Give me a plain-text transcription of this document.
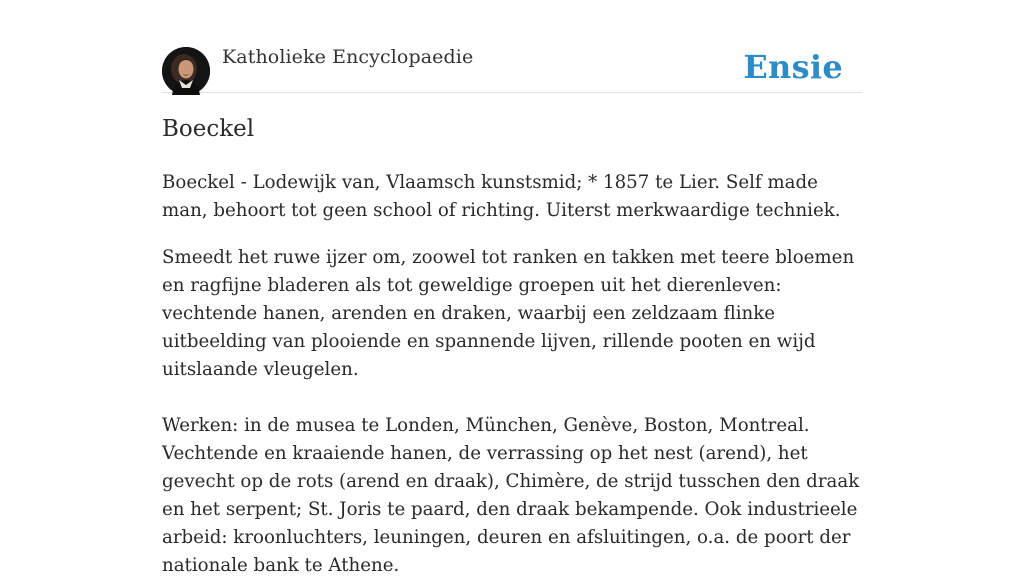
Katholieke Encyclopaedie	Ensie
Boeckel

Boeckel - Lodewijk van, Vlaamsch kunstsmid; * 1857 te Lier. Self made man, behoort tot geen school of richting. Uiterst merkwaardige techniek.

Smeedt het ruwe ijzer om, zoowel tot ranken en takken met teere bloemen en ragfijne bladeren als tot geweldige groepen uit het dierenleven: vechtende hanen, arenden en draken, waarbij een zeldzaam flinke uitbeelding van plooiende en spannende lijven, rillende pooten en wijd uitslaande vleugelen.

Werken: in de musea te Londen, München, Genève, Boston, Montreal. Vechtende en kraaiende hanen, de verrassing op het nest (arend), het gevecht op de rots (arend en draak), Chimère, de strijd tusschen den draak en het serpent; St. Joris te paard, den draak bekampende. Ook industrieele arbeid: kroonluchters, leuningen, deuren en afsluitingen, o.a. de poort der nationale bank te Athene.
